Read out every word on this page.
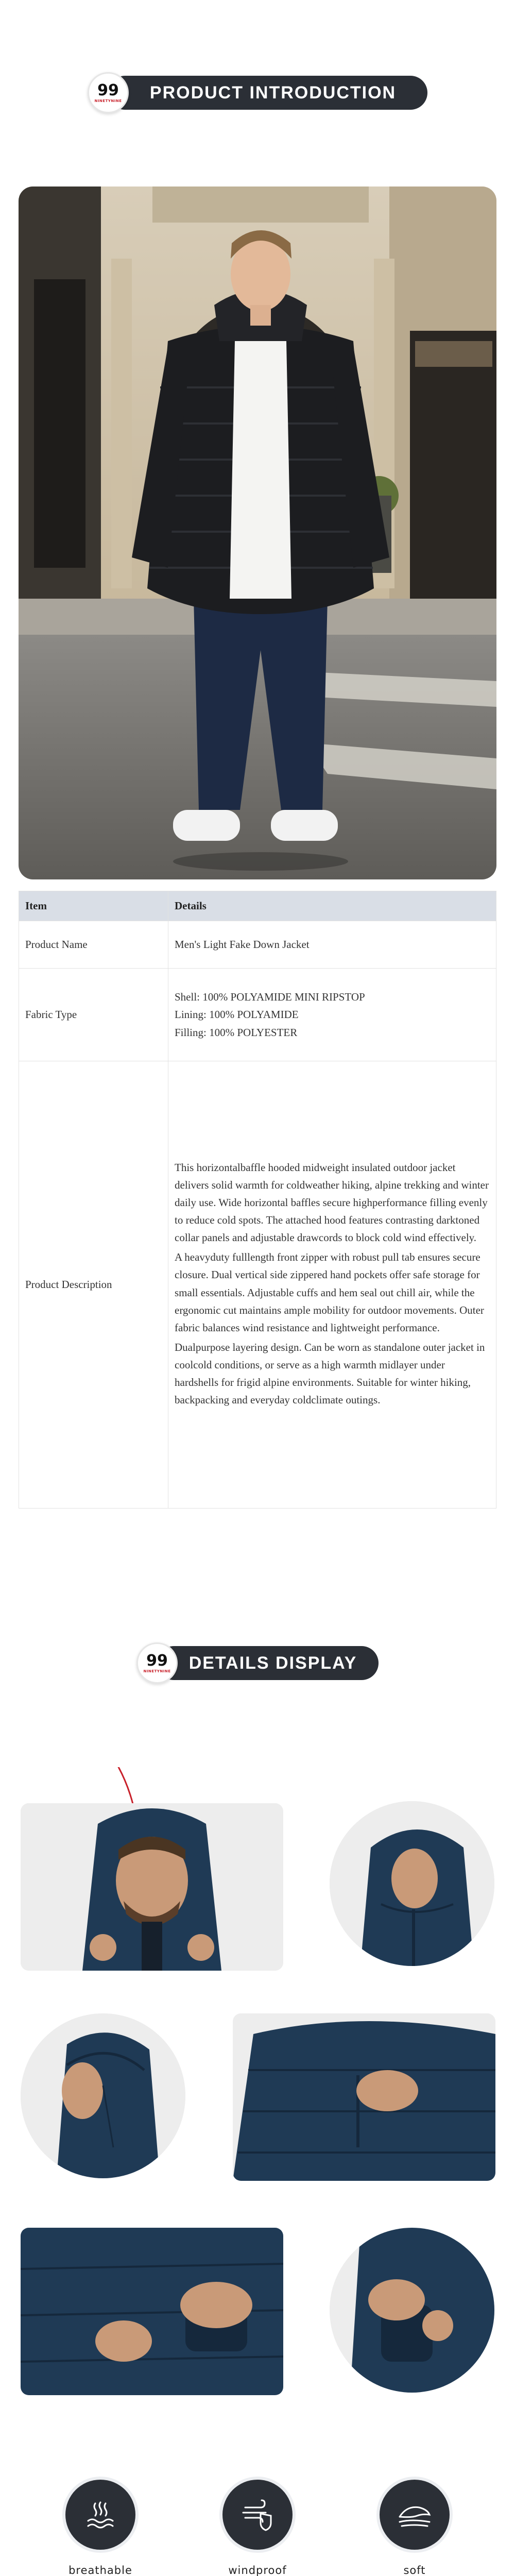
99
NINETYNINE	PRODUCT INTRODUCTION
Item	Details
Product Name	Men's Light Fake Down Jacket
Fabric Type	Shell: 100% POLYAMIDE MINI RIPSTOP
Lining: 100% POLYAMIDE
Filling: 100% POLYESTER

Product Description	This horizontalbaffle hooded midweight insulated outdoor jacket delivers solid warmth for coldweather hiking, alpine trekking and winter daily use. Wide horizontal baffles secure highperformance filling evenly to reduce cold spots. The attached hood features contrasting darktoned collar panels and adjustable drawcords to block cold wind effectively.
A heavyduty fulllength front zipper with robust pull tab ensures secure closure. Dual vertical side zippered hand pockets offer safe storage for small essentials. Adjustable cuffs and hem seal out chill air, while the ergonomic cut maintains ample mobility for outdoor movements. Outer fabric balances wind resistance and lightweight performance.
Dualpurpose layering design. Can be worn as standalone outer jacket in coolcold conditions, or serve as a high warmth midlayer under hardshells for frigid alpine environments. Suitable for winter hiking, backpacking and everyday coldclimate outings.
99
NINETYNINE	DETAILS DISPLAY
breathable	windproof	soft
